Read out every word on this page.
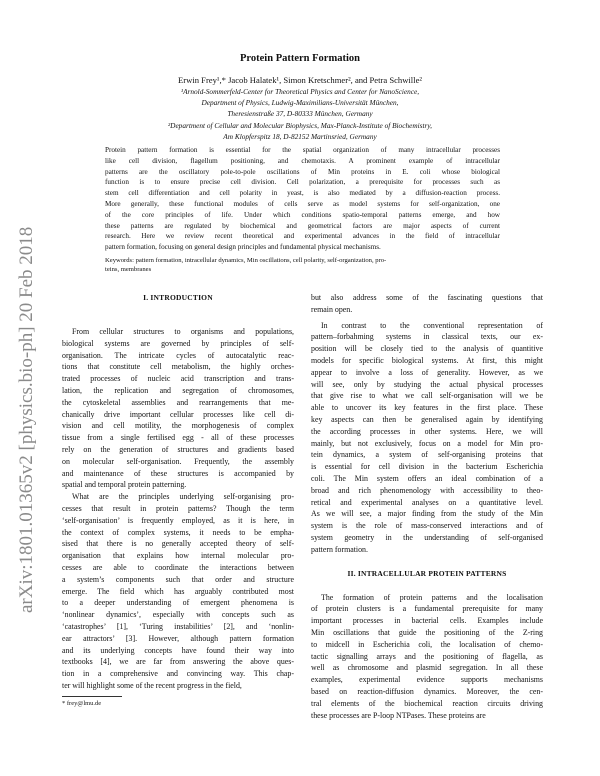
arXiv:1801.01365v2 [physics.bio-ph] 20 Feb 2018
Protein Pattern Formation
Erwin Frey¹,* Jacob Halatek¹, Simon Kretschmer², and Petra Schwille²
¹Arnold-Sommerfeld-Center for Theoretical Physics and Center for NanoScience,
Department of Physics, Ludwig-Maximilians-Universität München,
Theresienstraße 37, D-80333 München, Germany
²Department of Cellular and Molecular Biophysics, Max-Planck-Institute of Biochemistry,
Am Klopferspitz 18, D-82152 Martinsried, Germany
Protein pattern formation is essential for the spatial organization of many intracellular processes
like cell division, flagellum positioning, and chemotaxis. A prominent example of intracellular
patterns are the oscillatory pole-to-pole oscillations of Min proteins in E. coli whose biological
function is to ensure precise cell division. Cell polarization, a prerequisite for processes such as
stem cell differentiation and cell polarity in yeast, is also mediated by a diffusion-reaction process.
More generally, these functional modules of cells serve as model systems for self-organization, one
of the core principles of life. Under which conditions spatio-temporal patterns emerge, and how
these patterns are regulated by biochemical and geometrical factors are major aspects of current
research. Here we review recent theoretical and experimental advances in the field of intracellular
pattern formation, focusing on general design principles and fundamental physical mechanisms.
Keywords: pattern formation, intracellular dynamics, Min oscillations, cell polarity, self-organization, pro-
teins, membranes
I. INTRODUCTION
From cellular structures to organisms and populations,
biological systems are governed by principles of self-
organisation. The intricate cycles of autocatalytic reac-
tions that constitute cell metabolism, the highly orches-
trated processes of nucleic acid transcription and trans-
lation, the replication and segregation of chromosomes,
the cytoskeletal assemblies and rearrangements that me-
chanically drive important cellular processes like cell di-
vision and cell motility, the morphogenesis of complex
tissue from a single fertilised egg - all of these processes
rely on the generation of structures and gradients based
on molecular self-organisation. Frequently, the assembly
and maintenance of these structures is accompanied by
spatial and temporal protein patterning.
What are the principles underlying self-organising pro-
cesses that result in protein patterns? Though the term
‘self-organisation’ is frequently employed, as it is here, in
the context of complex systems, it needs to be empha-
sised that there is no generally accepted theory of self-
organisation that explains how internal molecular pro-
cesses are able to coordinate the interactions between
a system’s components such that order and structure
emerge. The field which has arguably contributed most
to a deeper understanding of emergent phenomena is
‘nonlinear dynamics’, especially with concepts such as
‘catastrophes’ [1], ‘Turing instabilities’ [2], and ‘nonlin-
ear attractors’ [3]. However, although pattern formation
and its underlying concepts have found their way into
textbooks [4], we are far from answering the above ques-
tion in a comprehensive and convincing way. This chap-
ter will highlight some of the recent progress in the field,
but also address some of the fascinating questions that
remain open.
In contrast to the conventional representation of
pattern–forbahming systems in classical texts, our ex-
position will be closely tied to the analysis of quantitive
models for specific biological systems. At first, this might
appear to involve a loss of generality. However, as we
will see, only by studying the actual physical processes
that give rise to what we call self-organisation will we be
able to uncover its key features in the first place. These
key aspects can then be generalised again by identifying
the according processes in other systems. Here, we will
mainly, but not exclusively, focus on a model for Min pro-
tein dynamics, a system of self-organising proteins that
is essential for cell division in the bacterium Escherichia
coli. The Min system offers an ideal combination of a
broad and rich phenomenology with accessibility to theo-
retical and experimental analyses on a quantitative level.
As we will see, a major finding from the study of the Min
system is the role of mass-conserved interactions and of
system geometry in the understanding of self-organised
pattern formation.
II. INTRACELLULAR PROTEIN PATTERNS
The formation of protein patterns and the localisation
of protein clusters is a fundamental prerequisite for many
important processes in bacterial cells. Examples include
Min oscillations that guide the positioning of the Z-ring
to midcell in Escherichia coli, the localisation of chemo-
tactic signalling arrays and the positioning of flagella, as
well as chromosome and plasmid segregation. In all these
examples, experimental evidence supports mechanisms
based on reaction-diffusion dynamics. Moreover, the cen-
tral elements of the biochemical reaction circuits driving
these processes are P-loop NTPases. These proteins are
* frey@lmu.de
